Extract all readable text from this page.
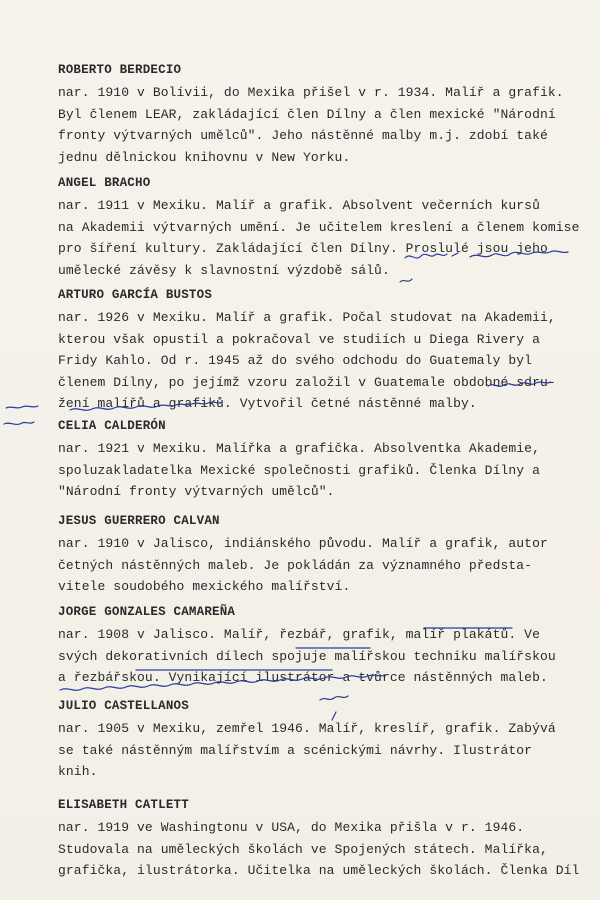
ROBERTO BERDECIO
nar. 1910 v Bolívii, do Mexika přišel v r. 1934. Malíř a grafik.
Byl členem LEAR, zakládající člen Dílny a člen mexické "Národní
fronty výtvarných umělců". Jeho nástěnné malby m.j. zdobí také
jednu dělnickou knihovnu v New Yorku.
ANGEL BRACHO
nar. 1911 v Mexiku. Malíř a grafik. Absolvent večerních kursů
na Akademii výtvarných umění. Je učitelem kreslení a členem komise
pro šíření kultury. Zakládající člen Dílny. Proslulé jsou jeho
umělecké závěsy k slavnostní výzdobě sálů.
ARTURO GARCÍA BUSTOS
nar. 1926 v Mexiku. Malíř a grafik. Počal studovat na Akademii,
kterou však opustil a pokračoval ve studiích u Diega Rivery a
Fridy Kahlo. Od r. 1945 až do svého odchodu do Guatemaly byl
členem Dílny, po jejímž vzoru založil v Guatemale obdobné sdru-
žení malířů a grafiků. Vytvořil četné nástěnné malby.
CELIA CALDERÓN
nar. 1921 v Mexiku. Malířka a grafička. Absolventka Akademie,
spoluzakladatelka Mexické společnosti grafiků. Členka Dílny a
"Národní fronty výtvarných umělců".
JESUS GUERRERO CALVAN
nar. 1910 v Jalisco, indiánského původu. Malíř a grafik, autor
četných nástěnných maleb. Je pokládán za významného předsta-
vitele soudobého mexického malířství.
JORGE GONZALES CAMAREÑA
nar. 1908 v Jalisco. Malíř, řezbář, grafik, malíř plakátů. Ve
svých dekorativních dílech spojuje malířskou techniku malířskou
a řezbářskou. Vynikající ilustrátor a tvůrce nástěnných maleb.
JULIO CASTELLANOS
nar. 1905 v Mexiku, zemřel 1946. Malíř, kreslíř, grafik. Zabývá
se také nástěnným malířstvím a scénickými návrhy. Ilustrátor
knih.
ELISABETH CATLETT
nar. 1919 ve Washingtonu v USA, do Mexika přišla v r. 1946.
Studovala na uměleckých školách ve Spojených státech. Malířka,
grafička, ilustrátorka. Učitelka na uměleckých školách. Členka Díl
